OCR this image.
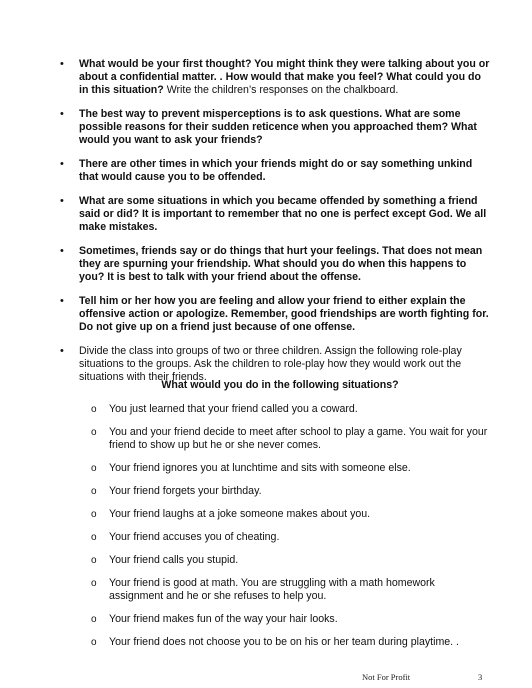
• What would be your first thought? You might think they were talking about you or about a confidential matter. . How would that make you feel? What could you do in this situation? Write the children’s responses on the chalkboard.
• The best way to prevent misperceptions is to ask questions. What are some possible reasons for their sudden reticence when you approached them? What would you want to ask your friends?
• There are other times in which your friends might do or say something unkind that would cause you to be offended.
• What are some situations in which you became offended by something a friend said or did? It is important to remember that no one is perfect except God. We all make mistakes.
• Sometimes, friends say or do things that hurt your feelings. That does not mean they are spurning your friendship. What should you do when this happens to you? It is best to talk with your friend about the offense.
• Tell him or her how you are feeling and allow your friend to either explain the offensive action or apologize. Remember, good friendships are worth fighting for. Do not give up on a friend just because of one offense.
• Divide the class into groups of two or three children. Assign the following role-play situations to the groups. Ask the children to role-play how they would work out the situations with their friends.
What would you do in the following situations?
o You just learned that your friend called you a coward.
o You and your friend decide to meet after school to play a game. You wait for your friend to show up but he or she never comes.
o Your friend ignores you at lunchtime and sits with someone else.
o Your friend forgets your birthday.
o Your friend laughs at a joke someone makes about you.
o Your friend accuses you of cheating.
o Your friend calls you stupid.
o Your friend is good at math. You are struggling with a math homework assignment and he or she refuses to help you.
o Your friend makes fun of the way your hair looks.
o Your friend does not choose you to be on his or her team during playtime. .
Not For Profit	3
